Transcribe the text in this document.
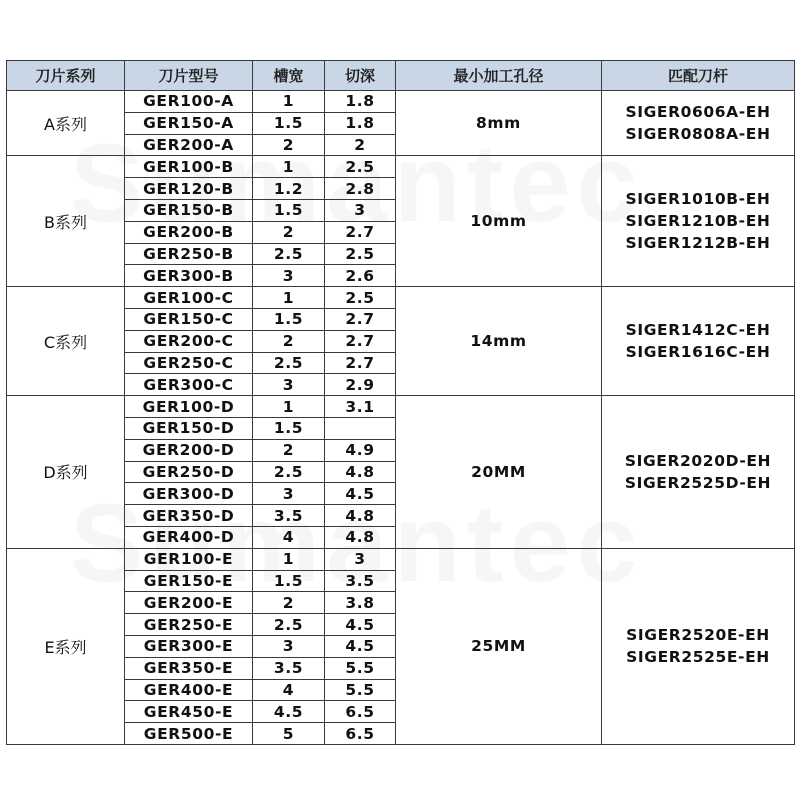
刀片系列	刀片型号	槽宽	切深	最小加工孔径	匹配刀杆
A系列	GER100-A	1	1.8	8mm	SIGER0606A-EH
SIGER0808A-EH

	GER150-A	1.5	1.8		
	GER200-A	2	2		
B系列	GER100-B	1	2.5	10mm	SIGER1010B-EH
SIGER1210B-EH
SIGER1212B-EH

	GER120-B	1.2	2.8		
	GER150-B	1.5	3		
	GER200-B	2	2.7		
	GER250-B	2.5	2.5		
	GER300-B	3	2.6		
C系列	GER100-C	1	2.5	14mm	SIGER1412C-EH
SIGER1616C-EH

	GER150-C	1.5	2.7		
	GER200-C	2	2.7		
	GER250-C	2.5	2.7		
	GER300-C	3	2.9		
D系列	GER100-D	1	3.1	20MM	SIGER2020D-EH
SIGER2525D-EH

	GER150-D	1.5			
	GER200-D	2	4.9		
	GER250-D	2.5	4.8		
	GER300-D	3	4.5		
	GER350-D	3.5	4.8		
	GER400-D	4	4.8		
E系列	GER100-E	1	3	25MM	SIGER2520E-EH
SIGER2525E-EH

	GER150-E	1.5	3.5		
	GER200-E	2	3.8		
	GER250-E	2.5	4.5		
	GER300-E	3	4.5		
	GER350-E	3.5	5.5		
	GER400-E	4	5.5		
	GER450-E	4.5	6.5		
	GER500-E	5	6.5		
